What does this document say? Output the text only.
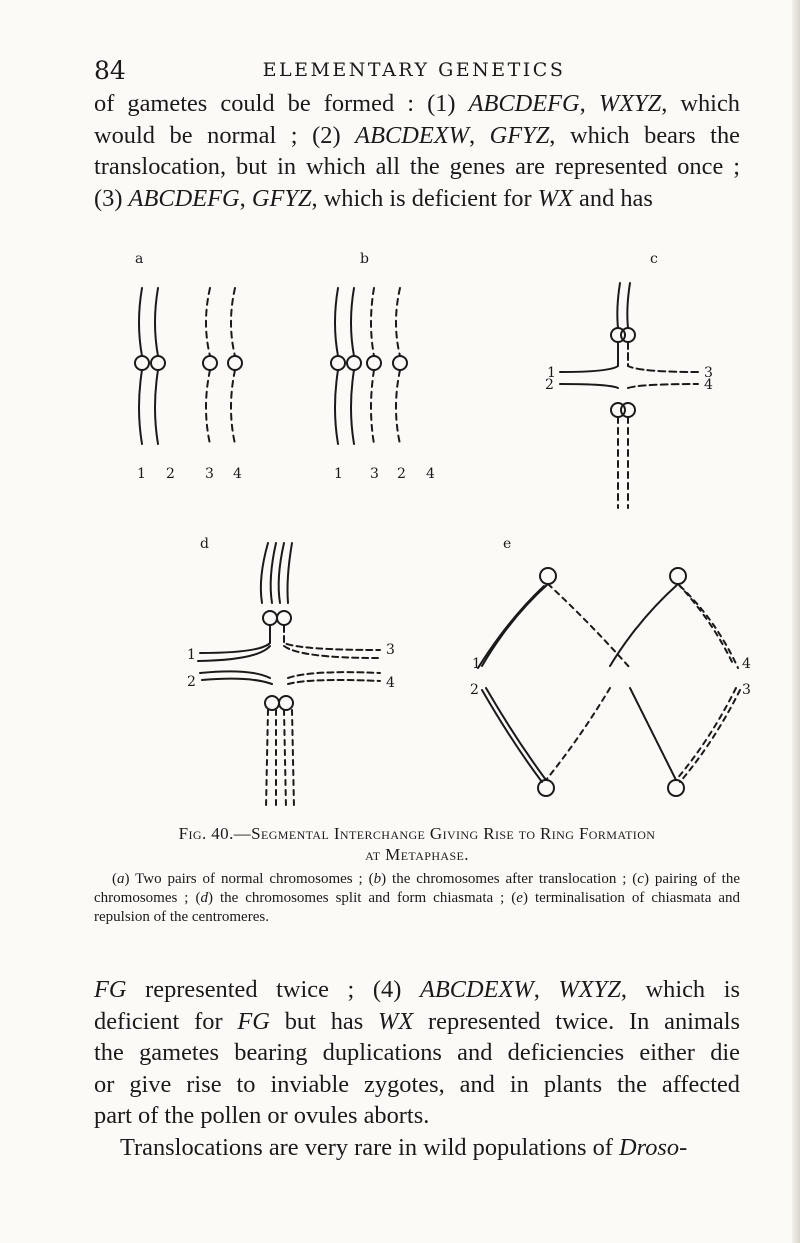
84	ELEMENTARY GENETICS

of gametes could be formed : (1) ABCDEFG, WXYZ, which

would be normal ; (2) ABCDEXW, GFYZ, which bears the

translocation, but in which all the genes are represented once ;

(3) ABCDEFG, GFYZ, which is deficient for WX and has

a	b	c
d	e
1 2 3 4	1 3 2 4
1
2
3
4
1
2
3
4
1
2
4
3
Fig. 40.—Segmental Interchange Giving Rise to Ring Formation
at Metaphase.
(a) Two pairs of normal chromosomes ; (b) the chromosomes after translocation ; (c) pairing of the chromosomes ; (d) the chromosomes split and form chiasmata ; (e) terminalisation of chiasmata and repulsion of the centromeres.

FG represented twice ; (4) ABCDEXW, WXYZ, which is

deficient for FG but has WX represented twice. In animals

the gametes bearing duplications and deficiencies either die

or give rise to inviable zygotes, and in plants the affected

part of the pollen or ovules aborts.

Translocations are very rare in wild populations of Droso-
